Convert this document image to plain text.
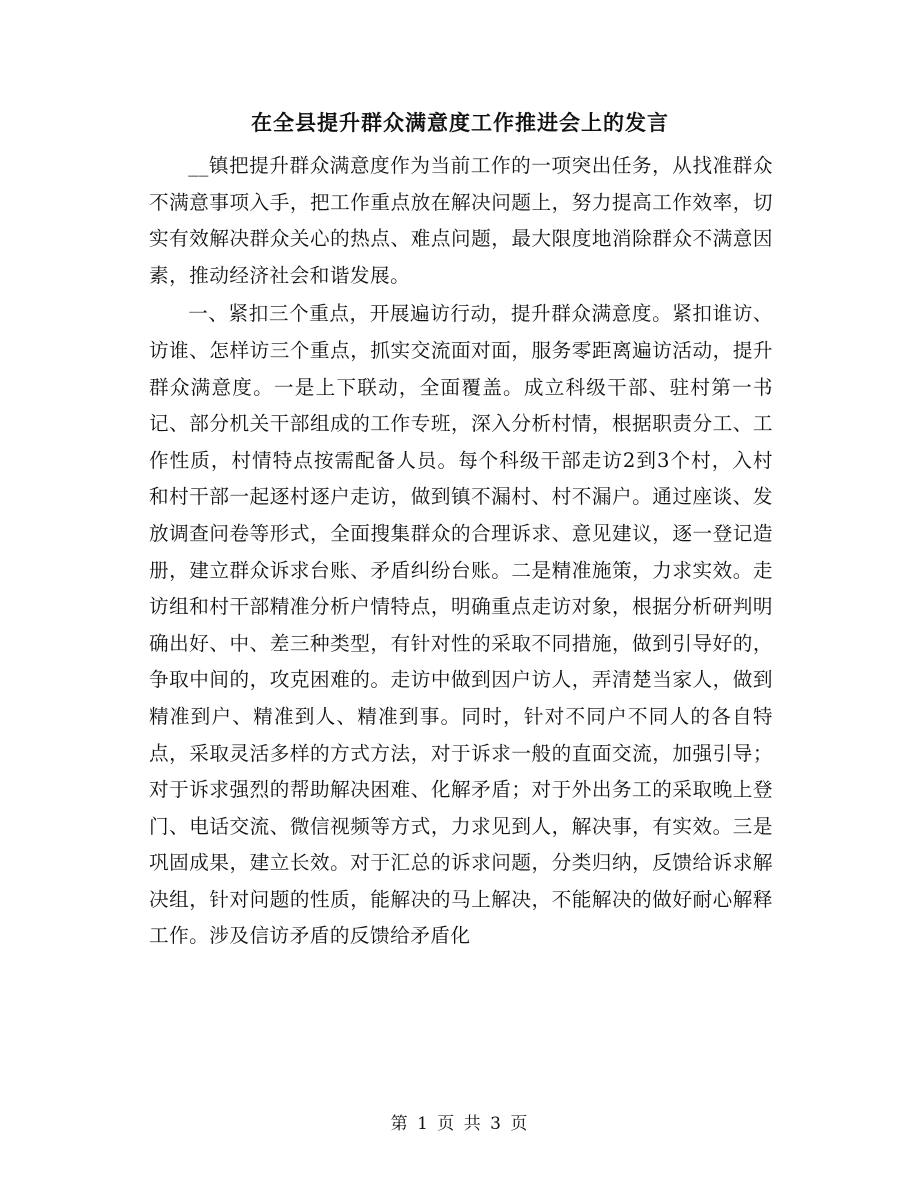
在全县提升群众满意度工作推进会上的发言

__镇把提升群众满意度作为当前工作的一项突出任务，从找准群众不满意事项入手，把工作重点放在解决问题上，努力提高工作效率，切实有效解决群众关心的热点、难点问题，最大限度地消除群众不满意因素，推动经济社会和谐发展。

一、紧扣三个重点，开展遍访行动，提升群众满意度。紧扣谁访、访谁、怎样访三个重点，抓实交流面对面，服务零距离遍访活动，提升群众满意度。一是上下联动，全面覆盖。成立科级干部、驻村第一书记、部分机关干部组成的工作专班，深入分析村情，根据职责分工、工作性质，村情特点按需配备人员。每个科级干部走访2到3个村，入村和村干部一起逐村逐户走访，做到镇不漏村、村不漏户。通过座谈、发放调查问卷等形式，全面搜集群众的合理诉求、意见建议，逐一登记造册，建立群众诉求台账、矛盾纠纷台账。二是精准施策，力求实效。走访组和村干部精准分析户情特点，明确重点走访对象，根据分析研判明确出好、中、差三种类型，有针对性的采取不同措施，做到引导好的，争取中间的，攻克困难的。走访中做到因户访人，弄清楚当家人，做到精准到户、精准到人、精准到事。同时，针对不同户不同人的各自特点，采取灵活多样的方式方法，对于诉求一般的直面交流，加强引导；对于诉求强烈的帮助解决困难、化解矛盾；对于外出务工的采取晚上登门、电话交流、微信视频等方式，力求见到人，解决事，有实效。三是巩固成果，建立长效。对于汇总的诉求问题，分类归纳，反馈给诉求解决组，针对问题的性质，能解决的马上解决，不能解决的做好耐心解释工作。涉及信访矛盾的反馈给矛盾化

第 1 页 共 3 页
